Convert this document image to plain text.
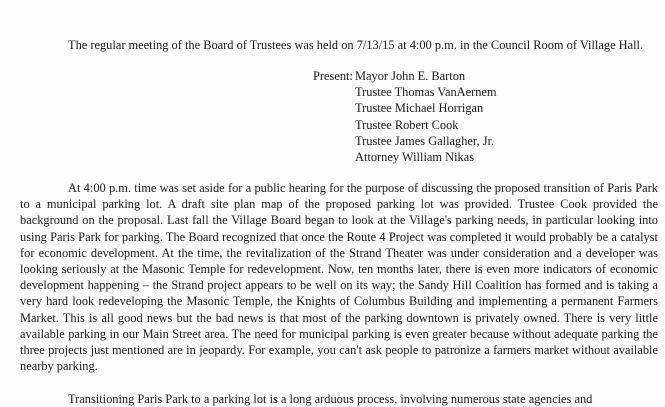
The regular meeting of the Board of Trustees was held on 7/13/15 at 4:00 p.m. in the Council Room of Village Hall.

Present: Mayor John E. Barton
Trustee Thomas VanAernem
Trustee Michael Horrigan
Trustee Robert Cook
Trustee James Gallagher, Jr.
Attorney William Nikas

At 4:00 p.m. time was set aside for a public hearing for the purpose of discussing the proposed transition of Paris Park to a municipal parking lot. A draft site plan map of the proposed parking lot was provided. Trustee Cook provided the background on the proposal. Last fall the Village Board began to look at the Village's parking needs, in particular looking into using Paris Park for parking. The Board recognized that once the Route 4 Project was completed it would probably be a catalyst for economic development. At the time, the revitalization of the Strand Theater was under consideration and a developer was looking seriously at the Masonic Temple for redevelopment. Now, ten months later, there is even more indicators of economic development happening – the Strand project appears to be well on its way; the Sandy Hill Coalition has formed and is taking a very hard look redeveloping the Masonic Temple, the Knights of Columbus Building and implementing a permanent Farmers Market. This is all good news but the bad news is that most of the parking downtown is privately owned. There is very little available parking in our Main Street area. The need for municipal parking is even greater because without adequate parking the three projects just mentioned are in jeopardy. For example, you can't ask people to patronize a farmers market without available nearby parking.

Transitioning Paris Park to a parking lot is a long arduous process, involving numerous state agencies and
